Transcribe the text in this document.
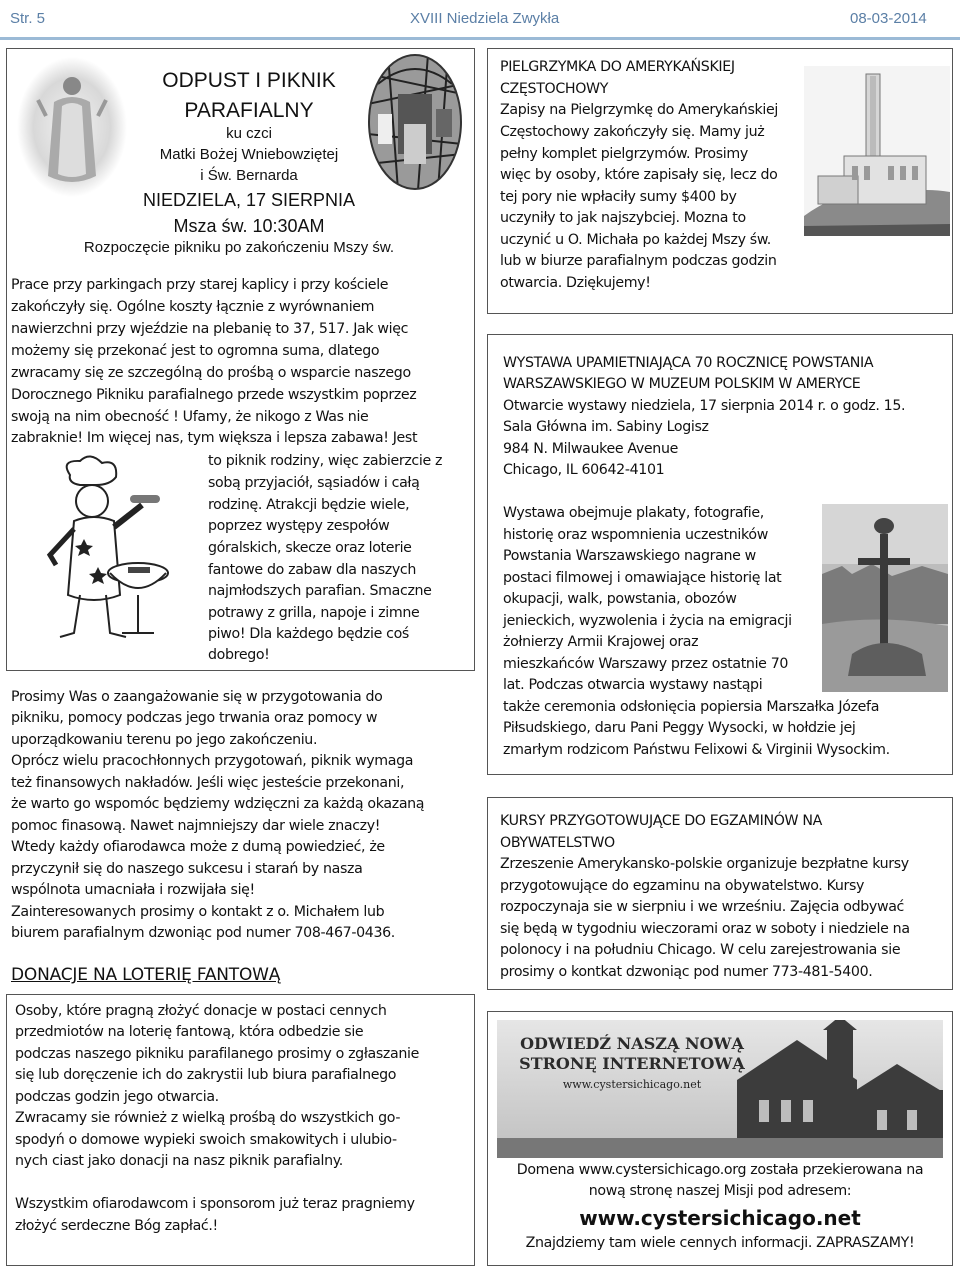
Str. 5	XVIII Niedziela Zwykła	08-03-2014
ODPUST I PIKNIK
PARAFIALNY
ku czci
Matki Bożej Wniebowziętej
i Św. Bernarda
NIEDZIELA, 17 SIERPNIA
Msza św. 10:30AM
Rozpoczęcie pikniku po zakończeniu Mszy św.
Prace przy parkingach przy starej kaplicy i przy kościele
zakończyły się. Ogólne koszty łącznie z wyrównaniem
nawierzchni przy wjeździe na plebanię to 37, 517. Jak więc
możemy się przekonać jest to ogromna suma, dlatego
zwracamy się ze szczególną do prośbą o wsparcie naszego
Dorocznego Pikniku parafialnego przede wszystkim poprzez
swoją na nim obecność ! Ufamy, że nikogo z Was nie
zabraknie! Im więcej nas, tym większa i lepsza zabawa! Jest
to piknik rodziny, więc zabierzcie z
sobą przyjaciół, sąsiadów i całą
rodzinę. Atrakcji będzie wiele,
poprzez występy zespołów
góralskich, skecze oraz loterie
fantowe do zabaw dla naszych
najmłodszych parafian. Smaczne
potrawy z grilla, napoje i zimne
piwo! Dla każdego będzie coś
dobrego!
Prosimy Was o zaangażowanie się w przygotowania do
pikniku, pomocy podczas jego trwania oraz pomocy w
uporządkowaniu terenu po jego zakończeniu.
Oprócz wielu pracochłonnych przygotowań, piknik wymaga
też finansowych nakładów. Jeśli więc jesteście przekonani,
że warto go wspomóc będziemy wdzięczni za każdą okazaną
pomoc finasową. Nawet najmniejszy dar wiele znaczy!
Wtedy każdy ofiarodawca może z dumą powiedzieć, że
przyczynił się do naszego sukcesu i starań by nasza
wspólnota umacniała i rozwijała się!
Zainteresowanych prosimy o kontakt z o. Michałem lub
biurem parafialnym dzwoniąc pod numer 708-467-0436.
DONACJE NA LOTERIĘ FANTOWĄ
Osoby, które pragną złożyć donacje w postaci cennych
przedmiotów na loterię fantową, która odbedzie sie
podczas naszego pikniku parafilanego prosimy o zgłaszanie
się lub doręczenie ich do zakrystii lub biura parafialnego
podczas godzin jego otwarcia.
Zwracamy sie również z wielką prośbą do wszystkich go-
spodyń o domowe wypieki swoich smakowitych i ulubio-
nych ciast jako donacji na nasz piknik parafialny.
Wszystkim ofiarodawcom i sponsorom już teraz pragniemy
złożyć serdeczne Bóg zapłać.!
PIELGRZYMKA DO AMERYKAŃSKIEJ
CZĘSTOCHOWY
Zapisy na Pielgrzymkę do Amerykańskiej
Częstochowy zakończyły się. Mamy już
pełny komplet pielgrzymów. Prosimy
więc by osoby, które zapisały się, lecz do
tej pory nie wpłaciły sumy $400 by
uczyniły to jak najszybciej. Mozna to
uczynić u O. Michała po każdej Mszy św.
lub w biurze parafialnym podczas godzin
otwarcia. Dziękujemy!
WYSTAWA UPAMIETNIAJĄCA 70 ROCZNICĘ POWSTANIA
WARSZAWSKIEGO W MUZEUM POLSKIM W AMERYCE
Otwarcie wystawy niedziela, 17 sierpnia 2014 r. o godz. 15.
Sala Główna im. Sabiny Logisz
984 N. Milwaukee Avenue
Chicago, IL 60642-4101
Wystawa obejmuje plakaty, fotografie,
historię oraz wspomnienia uczestników
Powstania Warszawskiego nagrane w
postaci filmowej i omawiające historię lat
okupacji, walk, powstania, obozów
jenieckich, wyzwolenia i życia na emigracji
żołnierzy Armii Krajowej oraz
mieszkańców Warszawy przez ostatnie 70
lat. Podczas otwarcia wystawy nastąpi
także ceremonia odsłonięcia popiersia Marszałka Józefa
Piłsudskiego, daru Pani Peggy Wysocki, w hołdzie jej
zmarłym rodzicom Państwu Felixowi & Virginii Wysockim.
KURSY PRZYGOTOWUJĄCE DO EGZAMINÓW NA
OBYWATELSTWO
Zrzeszenie Amerykansko-polskie organizuje bezpłatne kursy
przygotowujące do egzaminu na obywatelstwo. Kursy
rozpoczynaja sie w sierpniu i we wrześniu. Zajęcia odbywać
się będą w tygodniu wieczorami oraz w soboty i niedziele na
polonocy i na południu Chicago. W celu zarejestrowania sie
prosimy o kontkat dzwoniąc pod numer 773-481-5400.
ODWIEDŹ NASZĄ NOWĄ
STRONĘ INTERNETOWĄ
www.cystersichicago.net
Domena www.cystersichicago.org została przekierowana na
nową stronę naszej Misji pod adresem:
www.cystersichicago.net
Znajdziemy tam wiele cennych informacji. ZAPRASZAMY!
